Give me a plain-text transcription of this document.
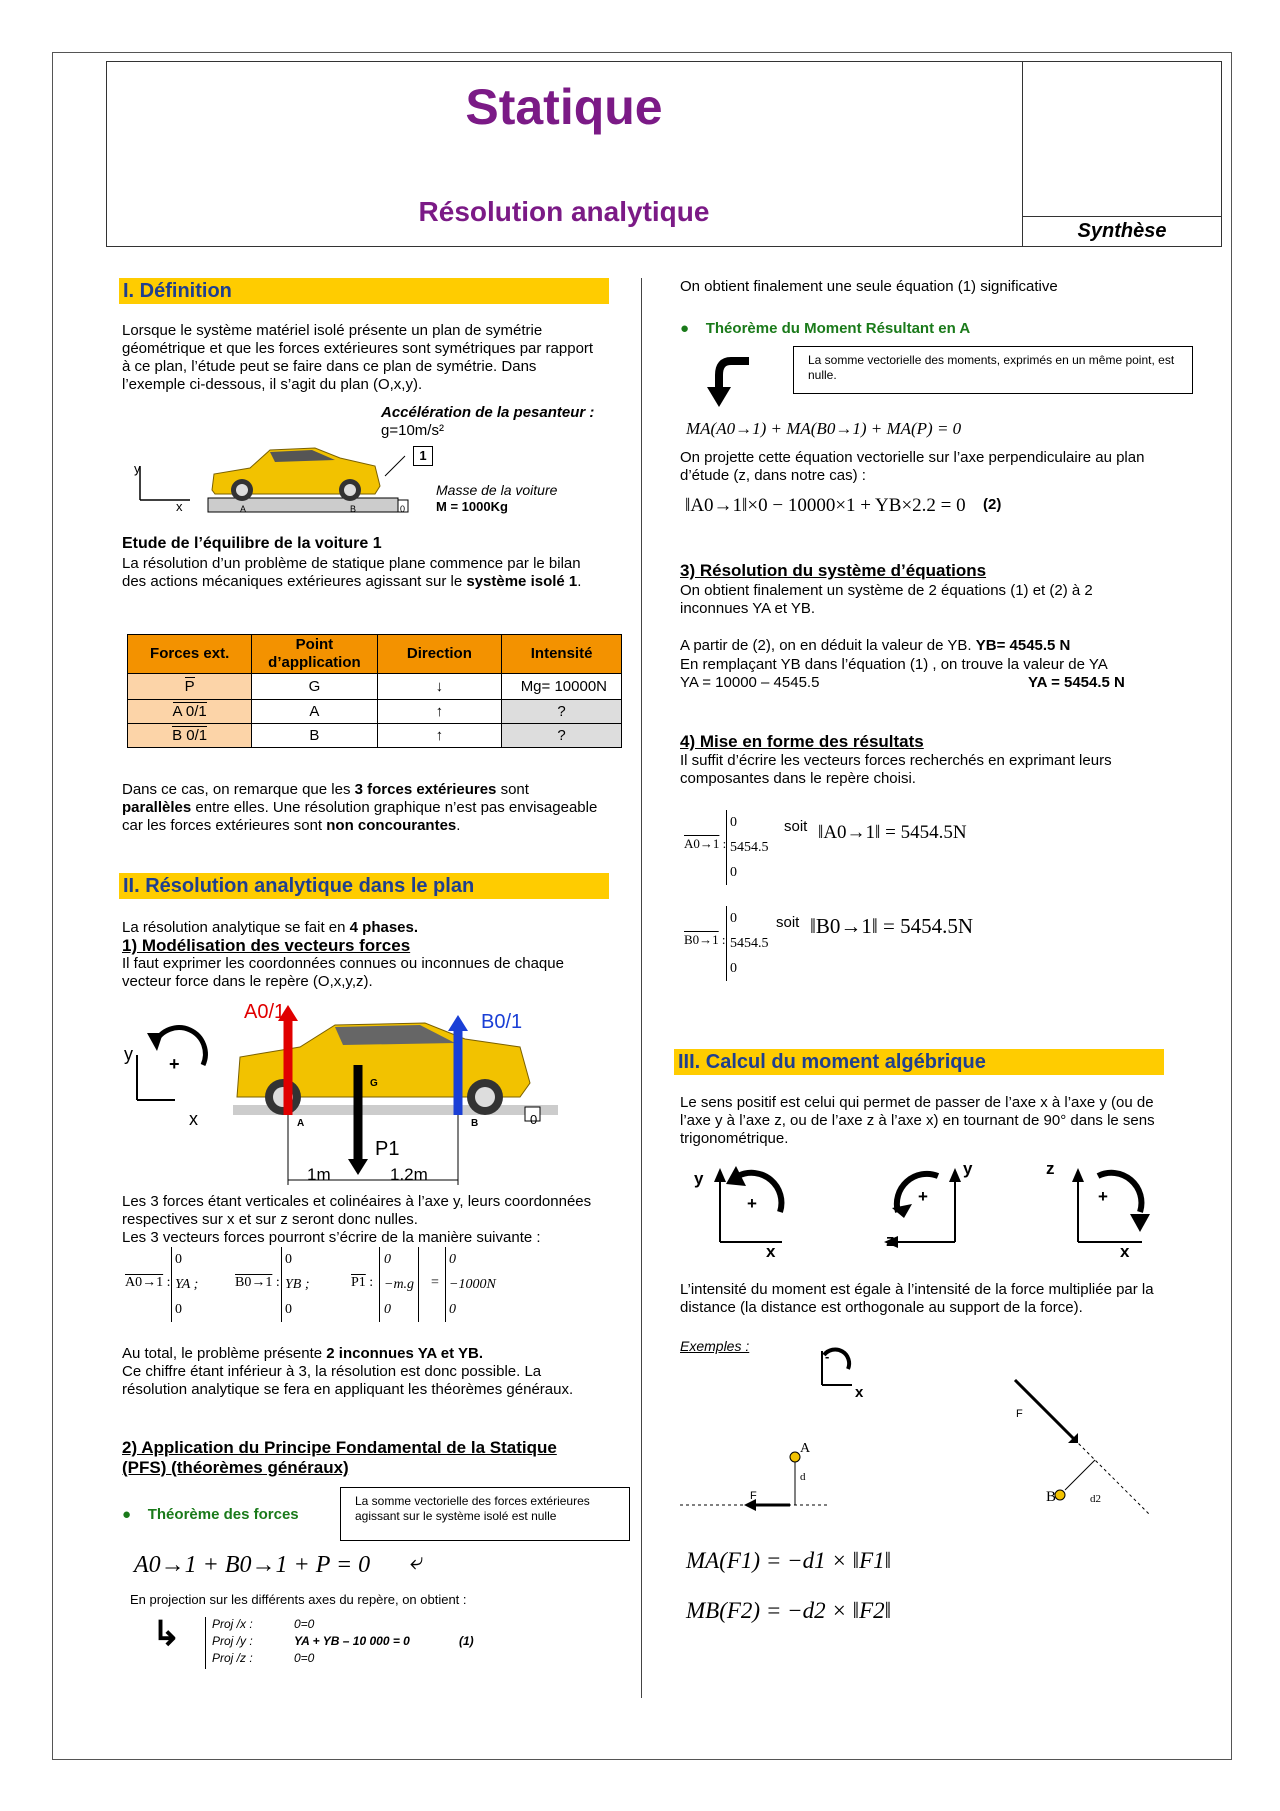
Statique
Résolution analytique
Synthèse
I. Définition
Lorsque le système matériel isolé présente un plan de symétrie géométrique et que les forces extérieures sont symétriques par rapport à ce plan, l’étude peut se faire dans ce plan de symétrie. Dans l’exemple ci-dessous, il s’agit du plan (O,x,y).
Accélération de la pesanteur :
g=10m/s²
y
x	A	B	0
1
Masse de la voiture
M = 1000Kg
Etude de l’équilibre de la voiture 1
La résolution d’un problème de statique plane commence par le bilan des actions mécaniques extérieures agissant sur le système isolé 1.
Forces ext.	Point d’application	Direction	Intensité
P	G	↓	Mg= 10000N
A 0/1	A	↑	?
B 0/1	B	↑	?
Dans ce cas, on remarque que les 3 forces extérieures sont parallèles entre elles. Une résolution graphique n’est pas envisageable car les forces extérieures sont non concourantes.
II. Résolution analytique dans le plan
La résolution analytique se fait en 4 phases.
1) Modélisation des vecteurs forces
Il faut exprimer les coordonnées connues ou inconnues de chaque vecteur force dans le repère (O,x,y,z).
A0/1	B0/1
P1
G
y
x
+
A	B	0
1m	1.2m
Les 3 forces étant verticales et colinéaires à l’axe y, leurs coordonnées respectives sur x et sur z seront donc nulles.
Les 3 vecteurs forces pourront s’écrire de la manière suivante :
A0→1 :
0
YA ;
0
B0→1 :
0
YB ;
0
P1 :
0
−m.g
0
=
0
−1000N
0
Au total, le problème présente 2 inconnues YA et YB.
Ce chiffre étant inférieur à 3, la résolution est donc possible. La résolution analytique se fera en appliquant les théorèmes généraux.
2) Application du Principe Fondamental de la Statique (PFS) (théorèmes généraux)
● Théorème des forces
La somme vectorielle des forces extérieures agissant sur le système isolé est nulle
A0→1 + B0→1 + P = 0 ⤶
En projection sur les différents axes du repère, on obtient :
↳	Proj /x :	0=0
Proj /y :	YA + YB – 10 000 = 0	(1)
Proj /z :	0=0
On obtient finalement une seule équation (1) significative
● Théorème du Moment Résultant en A
La somme vectorielle des moments, exprimés en un même point, est nulle.
MA(A0→1) + MA(B0→1) + MA(P) = 0
On projette cette équation vectorielle sur l’axe perpendiculaire au plan d’étude (z, dans notre cas) :
‖A0→1‖×0 − 10000×1 + YB×2.2 = 0 (2)
3) Résolution du système d’équations
On obtient finalement un système de 2 équations (1) et (2) à 2 inconnues YA et YB.
A partir de (2), on en déduit la valeur de YB. YB= 4545.5 N
En remplaçant YB dans l’équation (1) , on trouve la valeur de YA
YA = 10000 – 4545.5	YA = 5454.5 N
4) Mise en forme des résultats
Il suffit d’écrire les vecteurs forces recherchés en exprimant leurs composantes dans le repère choisi.
A0→1 :
0
5454.5
0
soit ‖A0→1‖ = 5454.5N
B0→1 :
0
5454.5
0
soit ‖B0→1‖ = 5454.5N
III. Calcul du moment algébrique
Le sens positif est celui qui permet de passer de l’axe x à l’axe y (ou de l’axe y à l’axe z, ou de l’axe z à l’axe x) en tournant de 90° dans le sens trigonométrique.
y
x
+
y
z
+
z
x
+
L’intensité du moment est égale à l’intensité de la force multipliée par la distance (la distance est orthogonale au support de la force).
Exemples :
-
x
A
d
F
F
B	d2
MA(F1) = −d1 × ‖F1‖
MB(F2) = −d2 × ‖F2‖
